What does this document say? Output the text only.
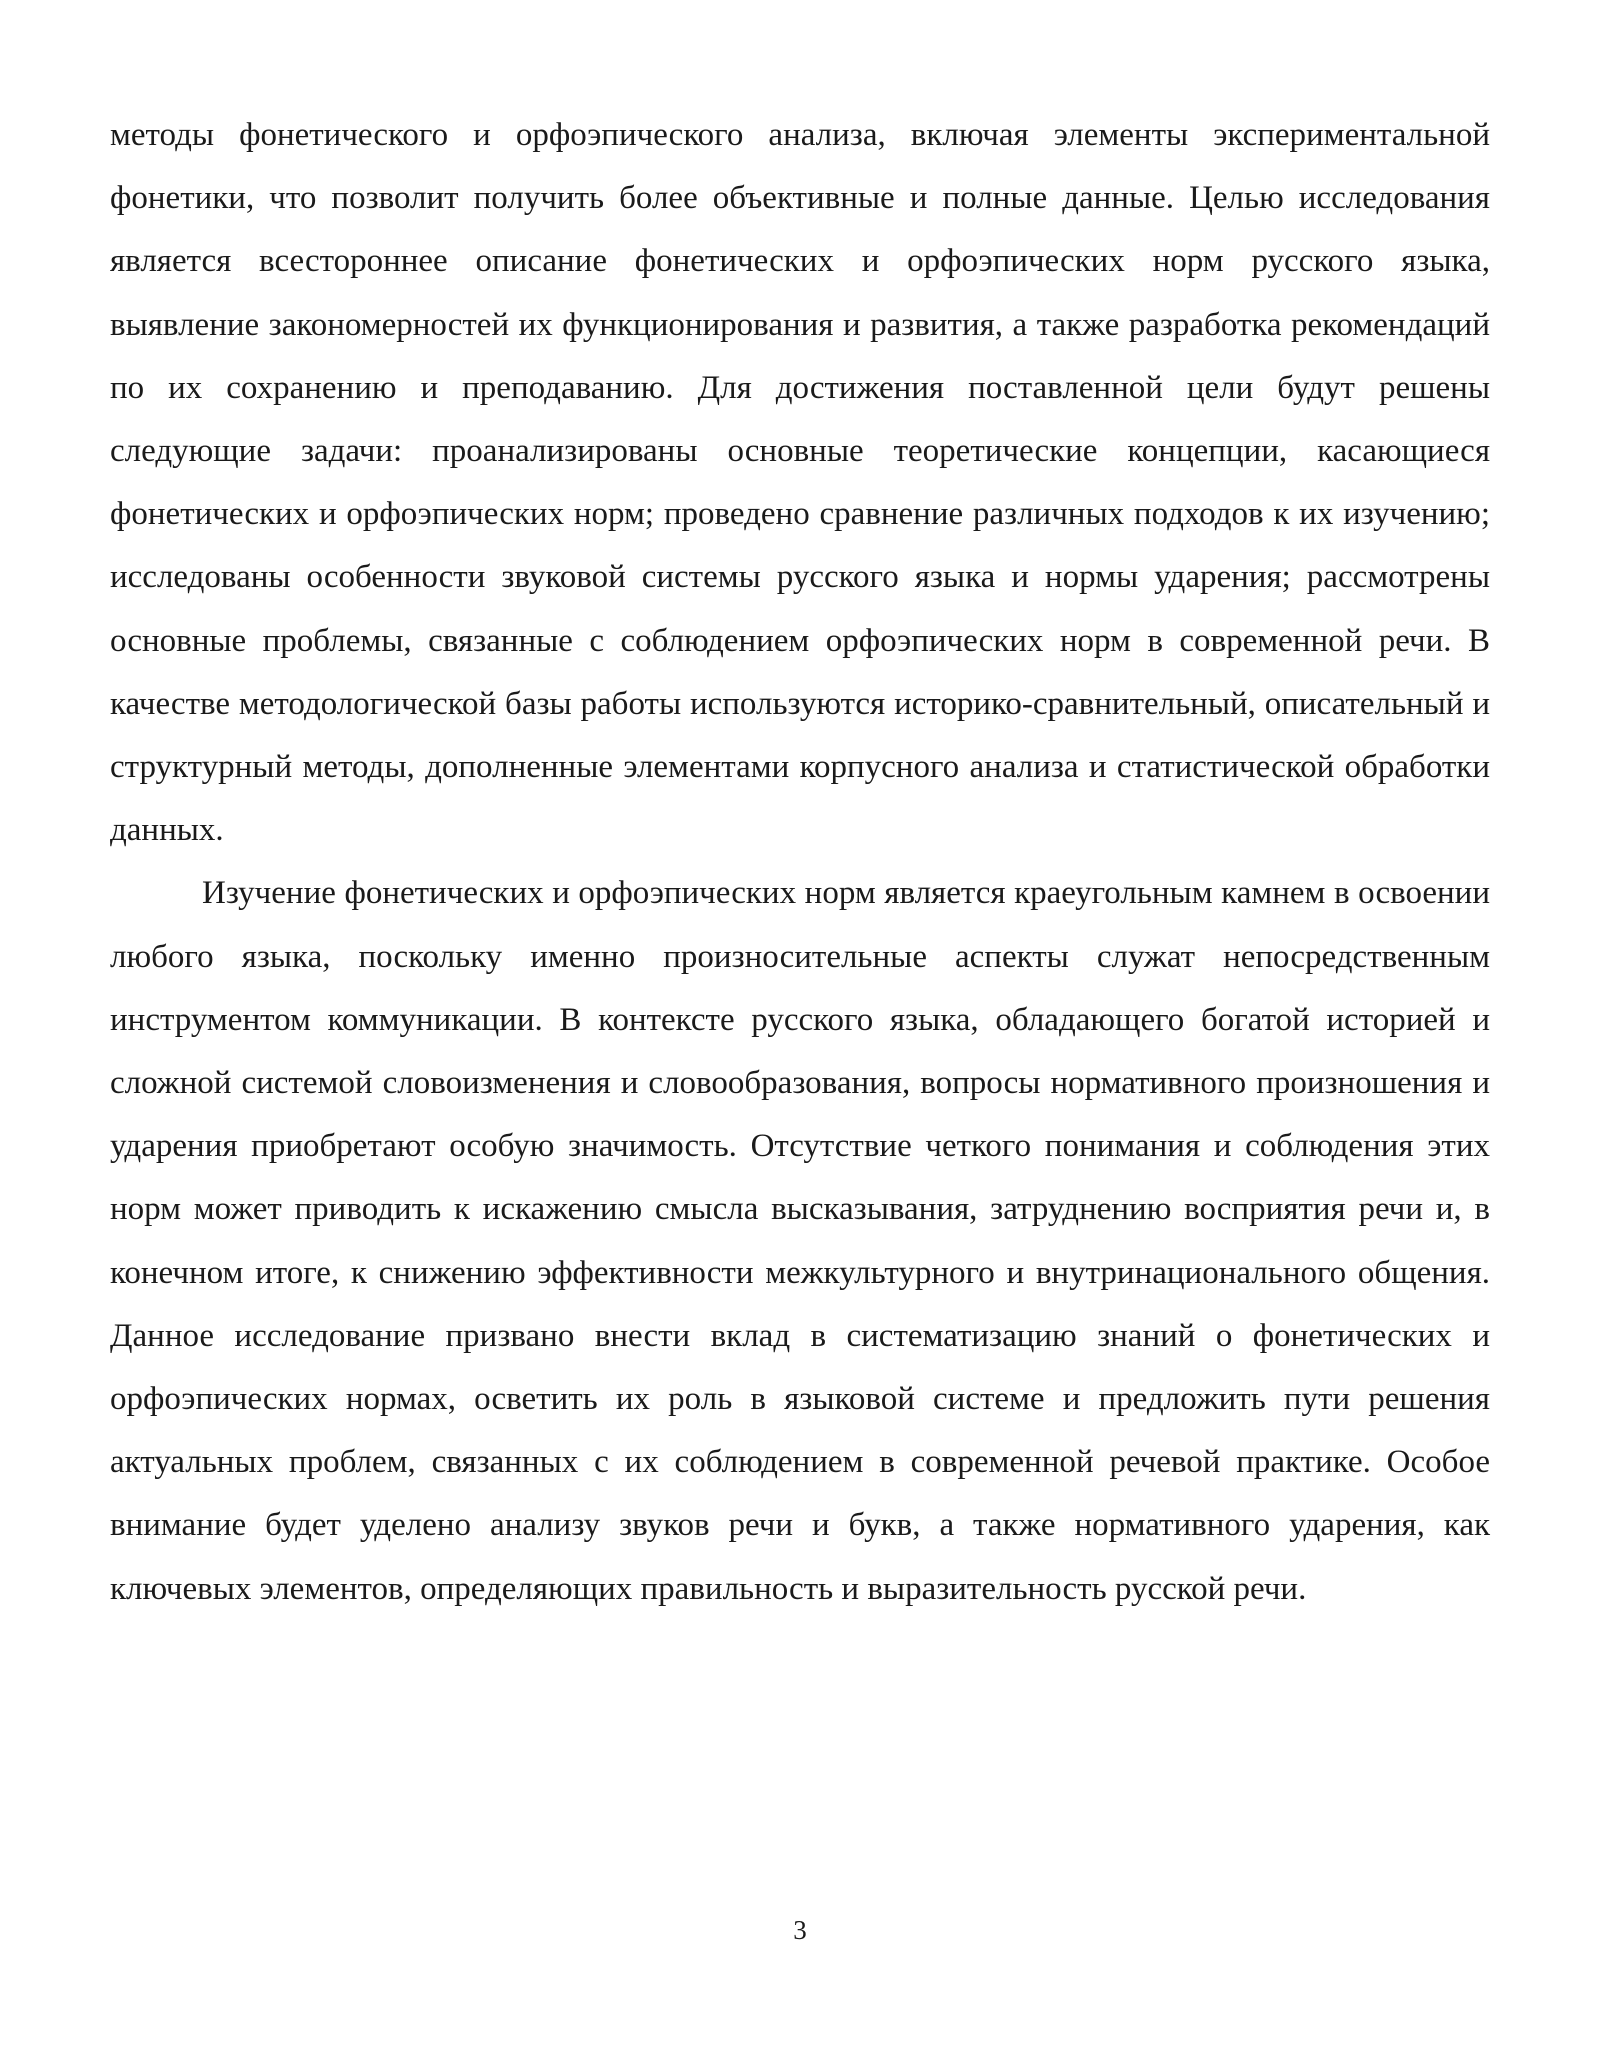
методы фонетического и орфоэпического анализа, включая элементы экспериментальной фонетики, что позволит получить более объективные и полные данные. Целью исследования является всестороннее описание фонетических и орфоэпических норм русского языка, выявление закономерностей их функционирования и развития, а также разработка рекомендаций по их сохранению и преподаванию. Для достижения поставленной цели будут решены следующие задачи: проанализированы основные теоретические концепции, касающиеся фонетических и орфоэпических норм; проведено сравнение различных подходов к их изучению; исследованы особенности звуковой системы русского языка и нормы ударения; рассмотрены основные проблемы, связанные с соблюдением орфоэпических норм в современной речи. В качестве методологической базы работы используются историко-сравнительный, описательный и структурный методы, дополненные элементами корпусного анализа и статистической обработки данных.

Изучение фонетических и орфоэпических норм является краеугольным камнем в освоении любого языка, поскольку именно произносительные аспекты служат непосредственным инструментом коммуникации. В контексте русского языка, обладающего богатой историей и сложной системой словоизменения и словообразования, вопросы нормативного произношения и ударения приобретают особую значимость. Отсутствие четкого понимания и соблюдения этих норм может приводить к искажению смысла высказывания, затруднению восприятия речи и, в конечном итоге, к снижению эффективности межкультурного и внутринационального общения. Данное исследование призвано внести вклад в систематизацию знаний о фонетических и орфоэпических нормах, осветить их роль в языковой системе и предложить пути решения актуальных проблем, связанных с их соблюдением в современной речевой практике. Особое внимание будет уделено анализу звуков речи и букв, а также нормативного ударения, как ключевых элементов, определяющих правильность и выразительность русской речи.

3
